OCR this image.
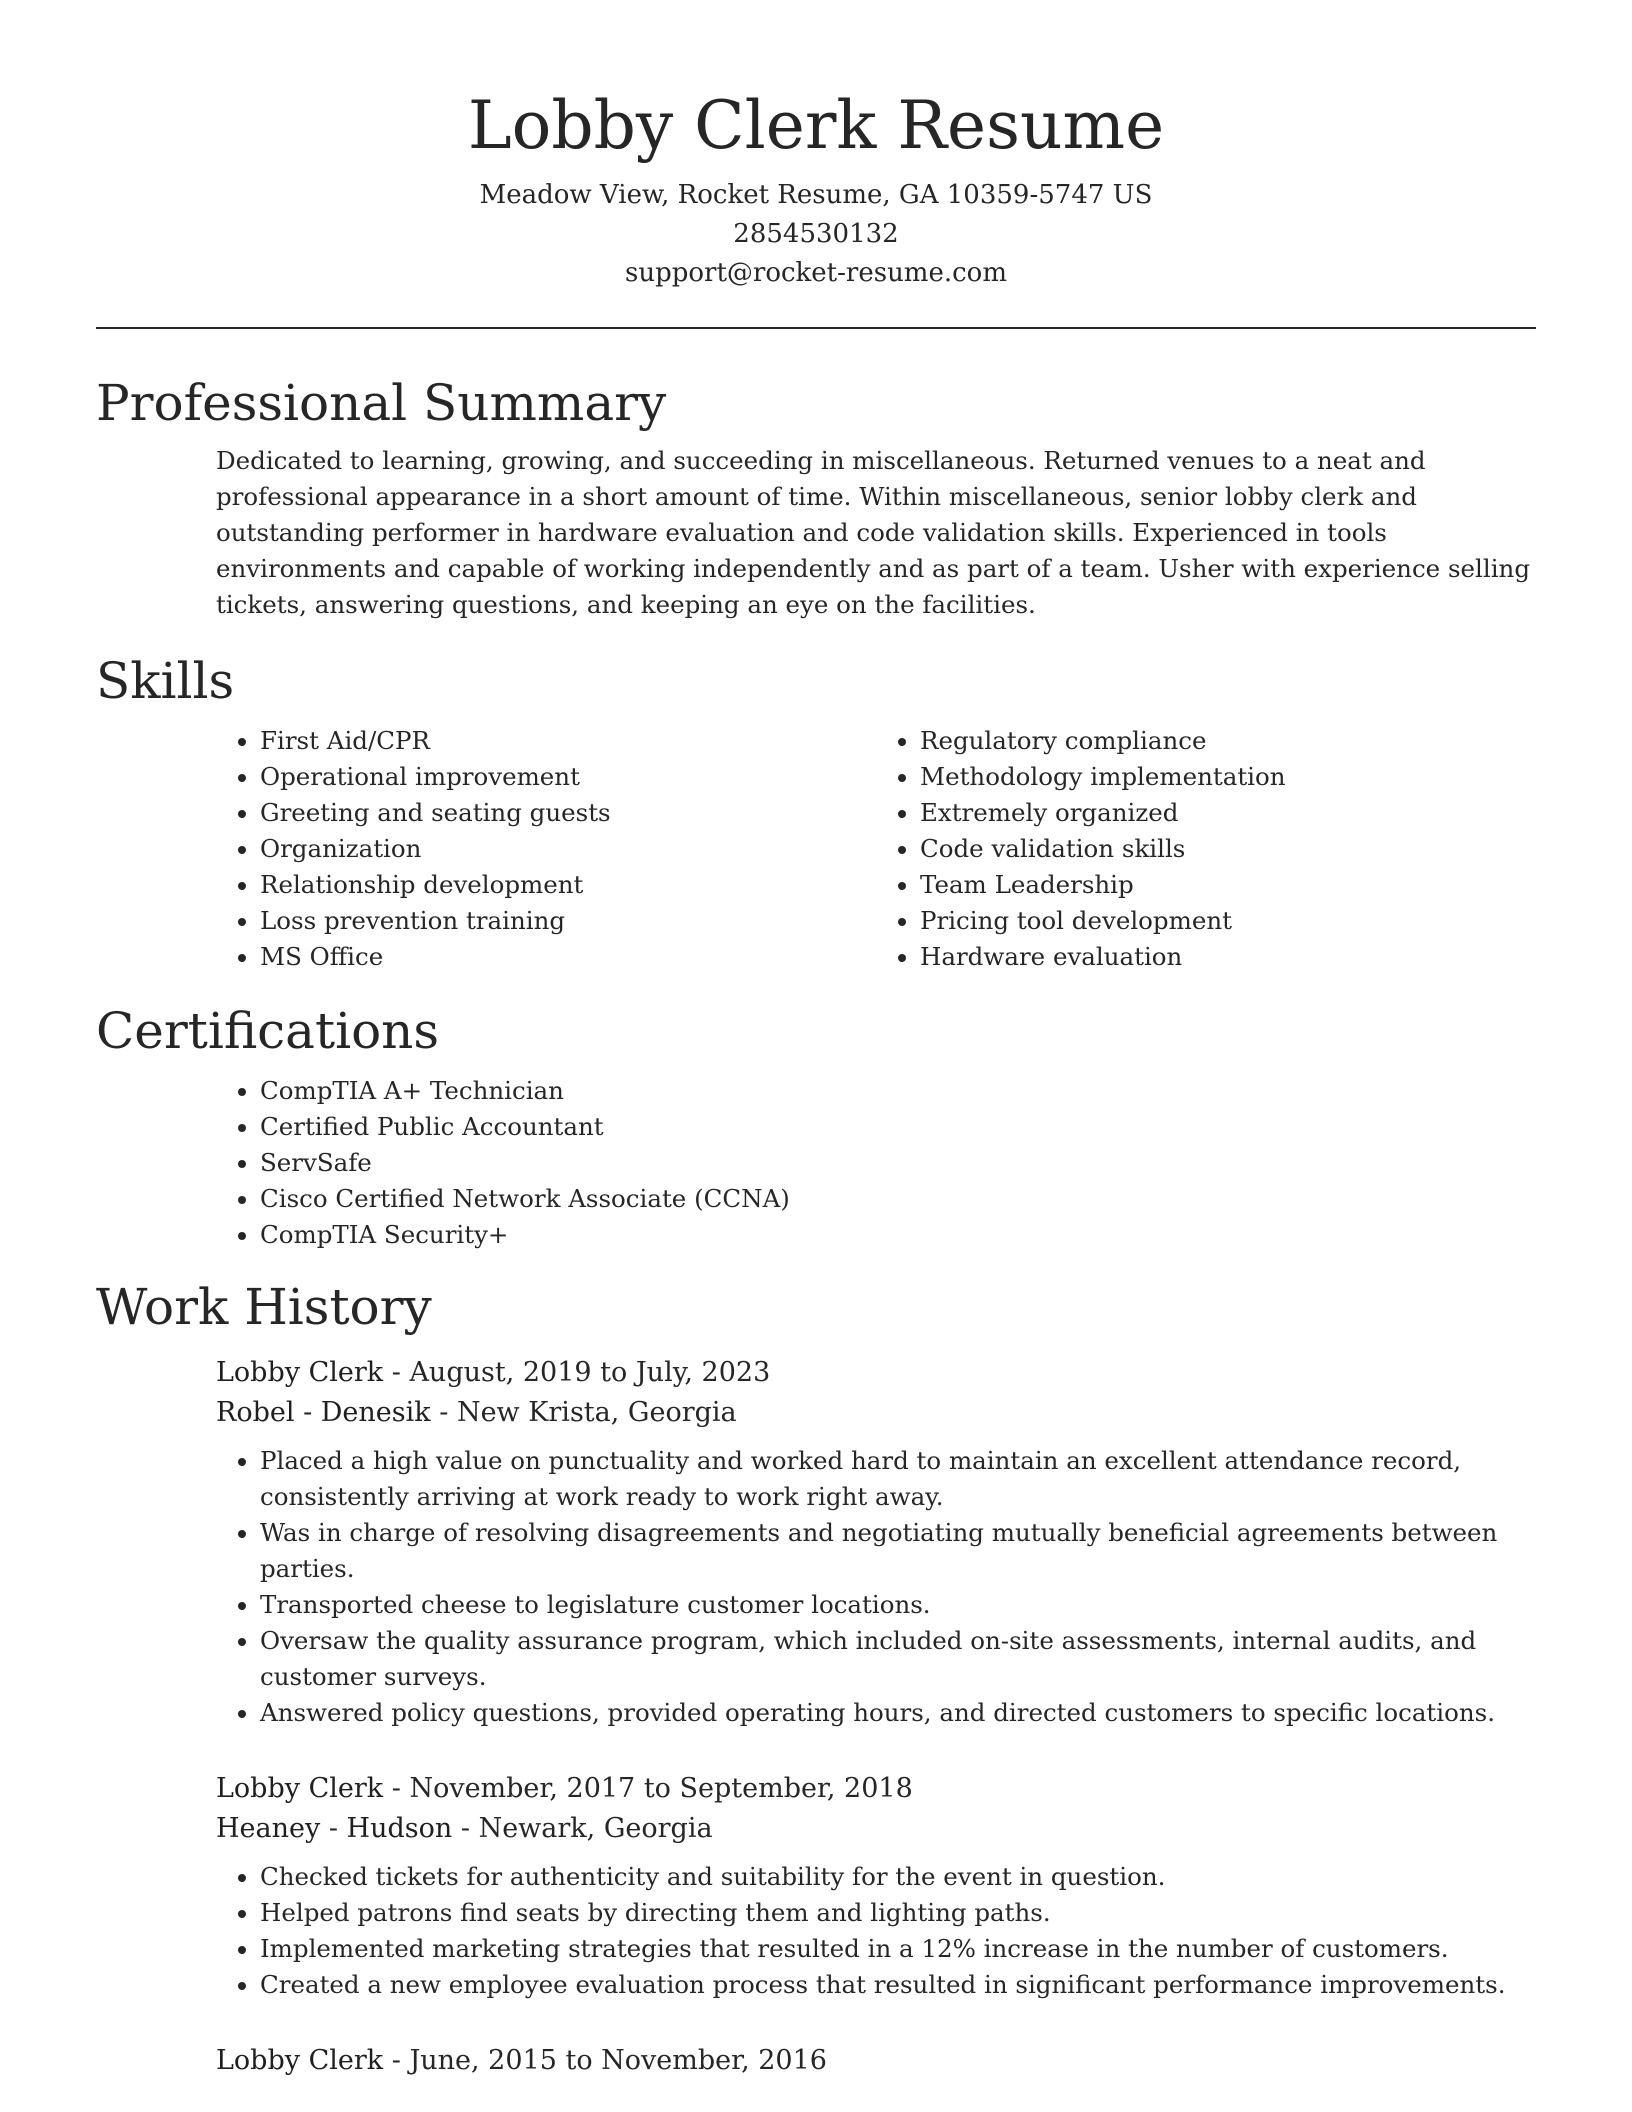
Lobby Clerk Resume

Meadow View, Rocket Resume, GA 10359-5747 US

2854530132

support@rocket-resume.com

Professional Summary

Dedicated to learning, growing, and succeeding in miscellaneous. Returned venues to a neat and professional appearance in a short amount of time. Within miscellaneous, senior lobby clerk and outstanding performer in hardware evaluation and code validation skills. Experienced in tools environments and capable of working independently and as part of a team. Usher with experience selling tickets, answering questions, and keeping an eye on the facilities.

Skills
• First Aid/CPR
• Operational improvement
• Greeting and seating guests
• Organization
• Relationship development
• Loss prevention training
• MS Office
• Regulatory compliance
• Methodology implementation
• Extremely organized
• Code validation skills
• Team Leadership
• Pricing tool development
• Hardware evaluation
Certifications
• CompTIA A+ Technician
• Certified Public Accountant
• ServSafe
• Cisco Certified Network Associate (CCNA)
• CompTIA Security+
Work History

Lobby Clerk - August, 2019 to July, 2023

Robel - Denesik - New Krista, Georgia

• Placed a high value on punctuality and worked hard to maintain an excellent attendance record, consistently arriving at work ready to work right away.
• Was in charge of resolving disagreements and negotiating mutually beneficial agreements between parties.
• Transported cheese to legislature customer locations.
• Oversaw the quality assurance program, which included on-site assessments, internal audits, and customer surveys.
• Answered policy questions, provided operating hours, and directed customers to specific locations.

Lobby Clerk - November, 2017 to September, 2018

Heaney - Hudson - Newark, Georgia

• Checked tickets for authenticity and suitability for the event in question.
• Helped patrons find seats by directing them and lighting paths.
• Implemented marketing strategies that resulted in a 12% increase in the number of customers.
• Created a new employee evaluation process that resulted in significant performance improvements.

Lobby Clerk - June, 2015 to November, 2016
